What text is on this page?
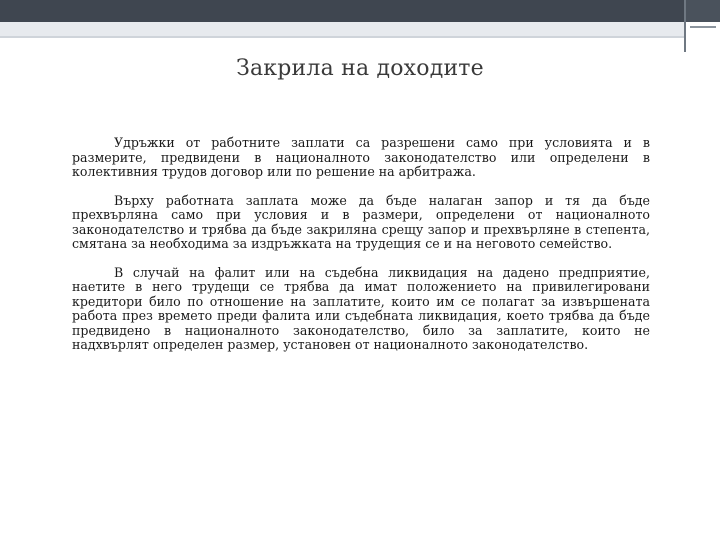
Закрила на доходите

Удръжки от работните заплати са разрешени само при условията и в размерите, предвидени в националното законодателство или определени в колективния трудов договор или по решение на арбитража.

Върху работната заплата може да бъде налаган запор и тя да бъде прехвърляна само при условия и в размери, определени от националното законодателство и трябва да бъде закриляна срещу запор и прехвърляне в степента, смятана за необходима за издръжката на трудещия се и на неговото семейство.

В случай на фалит или на съдебна ликвидация на дадено предприятие, наетите в него трудещи се трябва да имат положението на привилегировани кредитори било по отношение на заплатите, които им се полагат за извършената работа през времето преди фалита или съдебната ликвидация, което трябва да бъде предвидено в националното законодателство, било за заплатите, които не надхвърлят определен размер, установен от националното законодателство.
